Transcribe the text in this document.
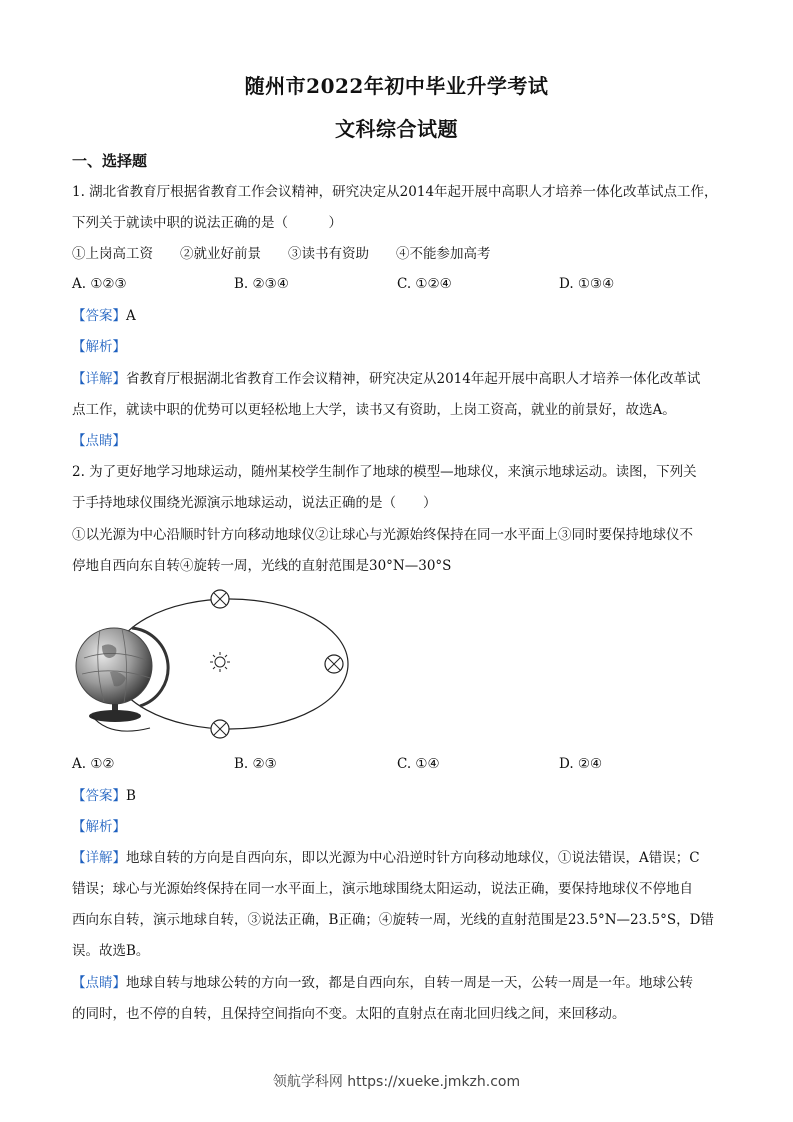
随州市2022年初中毕业升学考试
文科综合试题
一、选择题
1. 湖北省教育厅根据省教育工作会议精神，研究决定从2014年起开展中高职人才培养一体化改革试点工作，
下列关于就读中职的说法正确的是（　　　）
①上岗高工资　　②就业好前景　　③读书有资助　　④不能参加高考
A. ①②③	B. ②③④	C. ①②④	D. ①③④
【答案】A
【解析】
【详解】省教育厅根据湖北省教育工作会议精神，研究决定从2014年起开展中高职人才培养一体化改革试
点工作，就读中职的优势可以更轻松地上大学，读书又有资助，上岗工资高，就业的前景好，故选A。
【点睛】
2. 为了更好地学习地球运动，随州某校学生制作了地球的模型—地球仪，来演示地球运动。读图，下列关
于手持地球仪围绕光源演示地球运动，说法正确的是（　　）
①以光源为中心沿顺时针方向移动地球仪②让球心与光源始终保持在同一水平面上③同时要保持地球仪不
停地自西向东自转④旋转一周，光线的直射范围是30°N—30°S
A. ①②	B. ②③	C. ①④	D. ②④
【答案】B
【解析】
【详解】地球自转的方向是自西向东，即以光源为中心沿逆时针方向移动地球仪，①说法错误，A错误；C
错误；球心与光源始终保持在同一水平面上，演示地球围绕太阳运动，说法正确，要保持地球仪不停地自
西向东自转，演示地球自转，③说法正确，B正确；④旋转一周，光线的直射范围是23.5°N—23.5°S，D错
误。故选B。
【点睛】地球自转与地球公转的方向一致，都是自西向东，自转一周是一天，公转一周是一年。地球公转
的同时，也不停的自转，且保持空间指向不变。太阳的直射点在南北回归线之间，来回移动。
领航学科网 https://xueke.jmkzh.com
